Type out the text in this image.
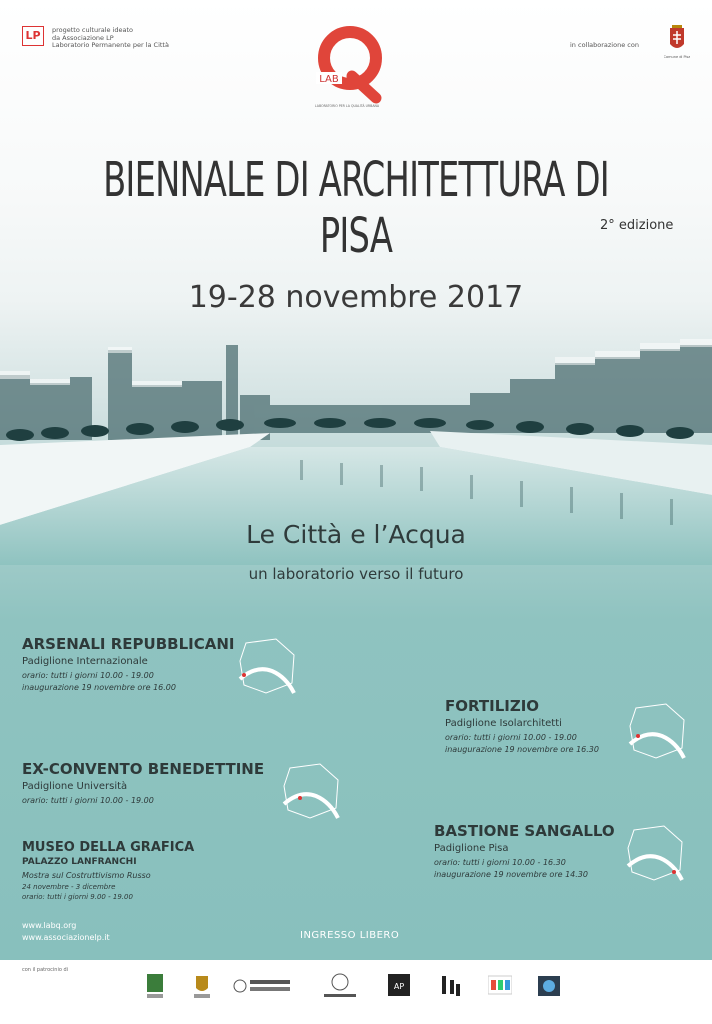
LP	progetto culturale ideato
da Associazione LP
Laboratorio Permanente per la Città
LAB
LABORATORIO PER LA QUALITÀ URBANA
in collaborazione con
Comune di Pisa
BIENNALE DI ARCHITETTURA DI PISA	2° edizione
19-28 novembre 2017
Le Città e l’Acqua
un laboratorio verso il futuro
ARSENALI REPUBBLICANI
Padiglione Internazionale
orario: tutti i giorni 10.00 - 19.00
inaugurazione 19 novembre ore 16.00
FORTILIZIO
Padiglione Isolarchitetti
orario: tutti i giorni 10.00 - 19.00
inaugurazione 19 novembre ore 16.30
EX-CONVENTO BENEDETTINE
Padiglione Università
orario: tutti i giorni 10.00 - 19.00
MUSEO DELLA GRAFICA
PALAZZO LANFRANCHI
Mostra sul Costruttivismo Russo
24 novembre - 3 dicembre
orario: tutti i giorni 9.00 - 19.00
BASTIONE SANGALLO
Padiglione Pisa
orario: tutti i giorni 10.00 - 16.30
inaugurazione 19 novembre ore 14.30
www.labq.org
www.associazionelp.it	INGRESSO LIBERO
con il patrocinio di
AP
